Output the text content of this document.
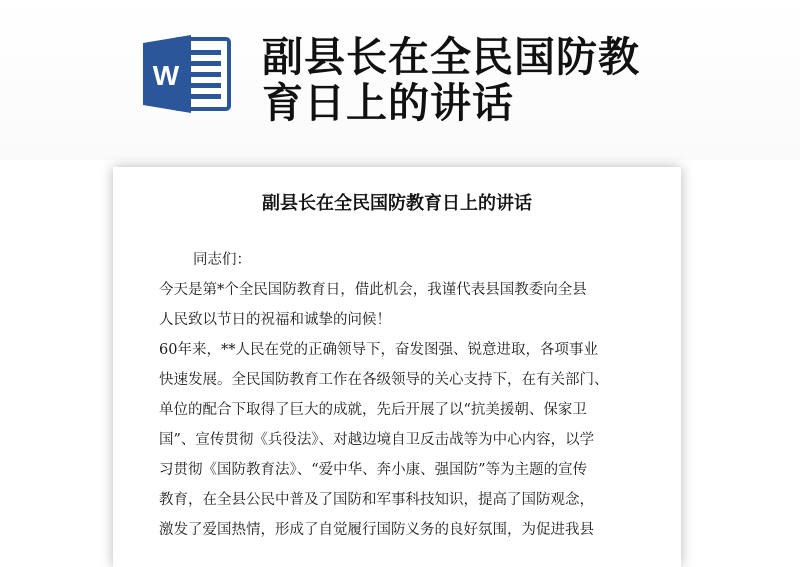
W 副县长在全民国防教
育日上的讲话
副县长在全民国防教育日上的讲话
同志们：
今天是第*个全民国防教育日，借此机会，我谨代表县国教委向全县
人民致以节日的祝福和诚挚的问候！
60年来，**人民在党的正确领导下，奋发图强、锐意进取，各项事业
快速发展。全民国防教育工作在各级领导的关心支持下，在有关部门、
单位的配合下取得了巨大的成就，先后开展了以“抗美援朝、保家卫
国”、宣传贯彻《兵役法》、对越边境自卫反击战等为中心内容，以学
习贯彻《国防教育法》、“爱中华、奔小康、强国防”等为主题的宣传
教育，在全县公民中普及了国防和军事科技知识，提高了国防观念，
激发了爱国热情，形成了自觉履行国防义务的良好氛围，为促进我县
